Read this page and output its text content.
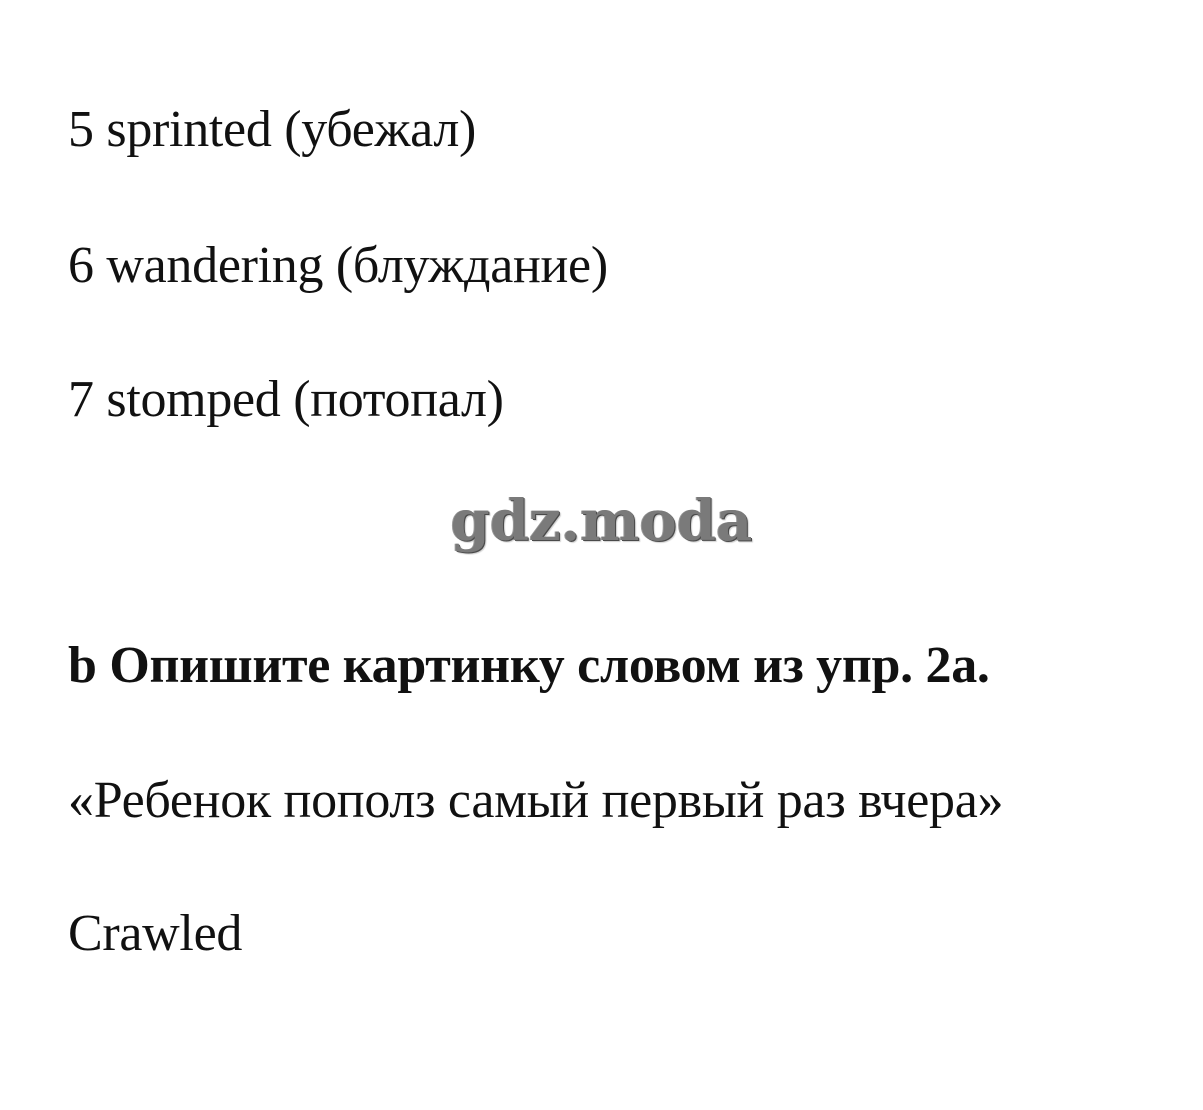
5 sprinted (убежал)
6 wandering (блуждание)
7 stomped (потопал)
gdz.moda
b Опишите картинку словом из упр. 2a.
«Ребенок пополз самый первый раз вчера»
Crawled
